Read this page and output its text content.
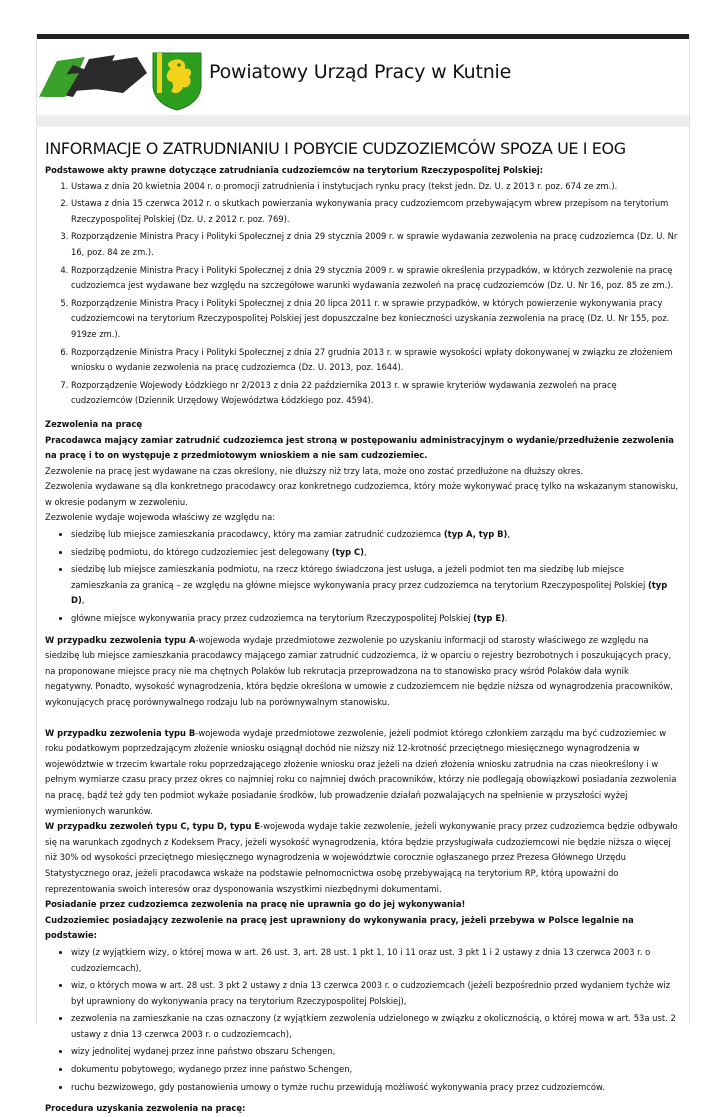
Powiatowy Urząd Pracy w Kutnie
INFORMACJE O ZATRUDNIANIU I POBYCIE CUDZOZIEMCÓW SPOZA UE I EOG

Podstawowe akty prawne dotyczące zatrudniania cudzoziemców na terytorium Rzeczypospolitej Polskiej:

1. Ustawa z dnia 20 kwietnia 2004 r. o promocji zatrudnienia i instytucjach rynku pracy (tekst jedn. Dz. U. z 2013 r. poz. 674 ze zm.).
2. Ustawa z dnia 15 czerwca 2012 r. o skutkach powierzania wykonywania pracy cudzoziemcom przebywającym wbrew przepisom na terytorium Rzeczypospolitej Polskiej (Dz. U. z 2012 r. poz. 769).
3. Rozporządzenie Ministra Pracy i Polityki Społecznej z dnia 29 stycznia 2009 r. w sprawie wydawania zezwolenia na pracę cudzoziemca (Dz. U. Nr 16, poz. 84 ze zm.).
4. Rozporządzenie Ministra Pracy i Polityki Społecznej z dnia 29 stycznia 2009 r. w sprawie określenia przypadków, w których zezwolenie na pracę cudzoziemca jest wydawane bez względu na szczegółowe warunki wydawania zezwoleń na pracę cudzoziemców (Dz. U. Nr 16, poz. 85 ze zm.).
5. Rozporządzenie Ministra Pracy i Polityki Społecznej z dnia 20 lipca 2011 r. w sprawie przypadków, w których powierzenie wykonywania pracy cudzoziemcowi na terytorium Rzeczypospolitej Polskiej jest dopuszczalne bez konieczności uzyskania zezwolenia na pracę (Dz. U. Nr 155, poz. 919ze zm.).
6. Rozporządzenie Ministra Pracy i Polityki Społecznej z dnia 27 grudnia 2013 r. w sprawie wysokości wpłaty dokonywanej w związku ze złożeniem wniosku o wydanie zezwolenia na pracę cudzoziemca (Dz. U. 2013, poz. 1644).
7. Rozporządzenie Wojewody Łódzkiego nr 2/2013 z dnia 22 października 2013 r. w sprawie kryteriów wydawania zezwoleń na pracę cudzoziemców (Dziennik Urzędowy Województwa Łódzkiego poz. 4594).

Zezwolenia na pracę

Pracodawca mający zamiar zatrudnić cudzoziemca jest stroną w postępowaniu administracyjnym o wydanie/przedłużenie zezwolenia na pracę i to on występuje z przedmiotowym wnioskiem a nie sam cudzoziemiec.

Zezwolenie na pracę jest wydawane na czas określony, nie dłuższy niż trzy lata, może ono zostać przedłużone na dłuższy okres.

Zezwolenia wydawane są dla konkretnego pracodawcy oraz konkretnego cudzoziemca, który może wykonywać pracę tylko na wskazanym stanowisku, w okresie podanym w zezwoleniu.

Zezwolenie wydaje wojewoda właściwy ze względu na:

• siedzibę lub miejsce zamieszkania pracodawcy, który ma zamiar zatrudnić cudzoziemca (typ A, typ B),
• siedzibę podmiotu, do którego cudzoziemiec jest delegowany (typ C),
• siedzibę lub miejsce zamieszkania podmiotu, na rzecz którego świadczona jest usługa, a jeżeli podmiot ten ma siedzibę lub miejsce zamieszkania za granicą – ze względu na główne miejsce wykonywania pracy przez cudzoziemca na terytorium Rzeczypospolitej Polskiej (typ D),
• główne miejsce wykonywania pracy przez cudzoziemca na terytorium Rzeczypospolitej Polskiej (typ E).

W przypadku zezwolenia typu A-wojewoda wydaje przedmiotowe zezwolenie po uzyskaniu informacji od starosty właściwego ze względu na siedzibę lub miejsce zamieszkania pracodawcy mającego zamiar zatrudnić cudzoziemca, iż w oparciu o rejestry bezrobotnych i poszukujących pracy, na proponowane miejsce pracy nie ma chętnych Polaków lub rekrutacja przeprowadzona na to stanowisko pracy wśród Polaków dała wynik negatywny. Ponadto, wysokość wynagrodzenia, która będzie określona w umowie z cudzoziemcem nie będzie niższa od wynagrodzenia pracowników, wykonujących pracę porównywalnego rodzaju lub na porównywalnym stanowisku.

W przypadku zezwolenia typu B-wojewoda wydaje przedmiotowe zezwolenie, jeżeli podmiot którego członkiem zarządu ma być cudzoziemiec w roku podatkowym poprzedzającym złożenie wniosku osiągnął dochód nie niższy niż 12-krotność przeciętnego miesięcznego wynagrodzenia w województwie w trzecim kwartale roku poprzedzającego złożenie wniosku oraz jeżeli na dzień złożenia wniosku zatrudnia na czas nieokreślony i w pełnym wymiarze czasu pracy przez okres co najmniej roku co najmniej dwóch pracowników, którzy nie podlegają obowiązkowi posiadania zezwolenia na pracę, bądź też gdy ten podmiot wykaże posiadanie środków, lub prowadzenie działań pozwalających na spełnienie w przyszłości wyżej wymienionych warunków.

W przypadku zezwoleń typu C, typu D, typu E-wojewoda wydaje takie zezwolenie, jeżeli wykonywanie pracy przez cudzoziemca będzie odbywało się na warunkach zgodnych z Kodeksem Pracy, jeżeli wysokość wynagrodzenia, która będzie przysługiwała cudzoziemcowi nie będzie niższa o więcej niż 30% od wysokości przeciętnego miesięcznego wynagrodzenia w województwie corocznie ogłaszanego przez Prezesa Głównego Urzędu Statystycznego oraz, jeżeli pracodawca wskaże na podstawie pełnomocnictwa osobę przebywającą na terytorium RP, którą upoważni do reprezentowania swoich interesów oraz dysponowania wszystkimi niezbędnymi dokumentami.

Posiadanie przez cudzoziemca zezwolenia na pracę nie uprawnia go do jej wykonywania!

Cudzoziemiec posiadający zezwolenie na pracę jest uprawniony do wykonywania pracy, jeżeli przebywa w Polsce legalnie na podstawie:

• wizy (z wyjątkiem wizy, o której mowa w art. 26 ust. 3, art. 28 ust. 1 pkt 1, 10 i 11 oraz ust. 3 pkt 1 i 2 ustawy z dnia 13 czerwca 2003 r. o cudzoziemcach),
• wiz, o których mowa w art. 28 ust. 3 pkt 2 ustawy z dnia 13 czerwca 2003 r. o cudzoziemcach (jeżeli bezpośrednio przed wydaniem tychże wiz był uprawniony do wykonywania pracy na terytorium Rzeczypospolitej Polskiej),
• zezwolenia na zamieszkanie na czas oznaczony (z wyjątkiem zezwolenia udzielonego w związku z okolicznością, o której mowa w art. 53a ust. 2 ustawy z dnia 13 czerwca 2003 r. o cudzoziemcach),
• wizy jednolitej wydanej przez inne państwo obszaru Schengen,
• dokumentu pobytowego, wydanego przez inne państwo Schengen,
• ruchu bezwizowego, gdy postanowienia umowy o tymże ruchu przewidują możliwość wykonywania pracy przez cudzoziemców.

Procedura uzyskania zezwolenia na pracę:
